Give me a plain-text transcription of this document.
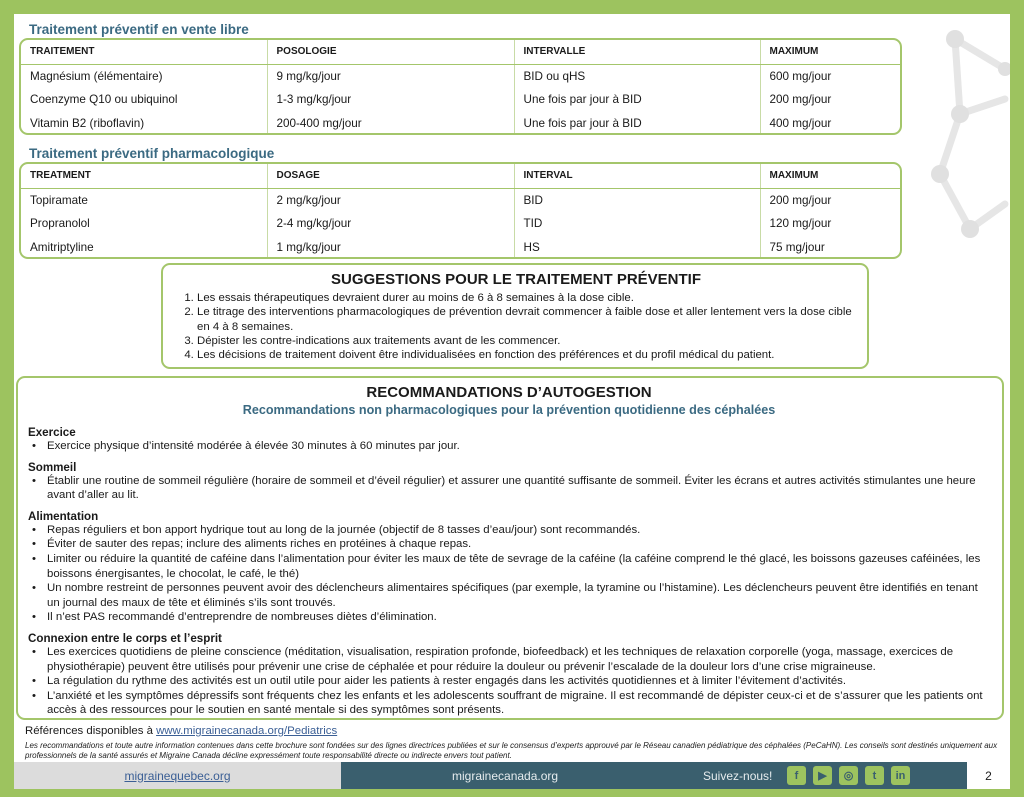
Traitement préventif en vente libre
TRAITEMENT	POSOLOGIE	INTERVALLE	MAXIMUM
Magnésium (élémentaire)	9 mg/kg/jour	BID ou qHS	600 mg/jour
Coenzyme Q10 ou ubiquinol	1-3 mg/kg/jour	Une fois par jour à BID	200 mg/jour
Vitamin B2 (riboflavin)	200-400 mg/jour	Une fois par jour à BID	400 mg/jour
Traitement préventif pharmacologique
TREATMENT	DOSAGE	INTERVAL	MAXIMUM
Topiramate	2 mg/kg/jour	BID	200 mg/jour
Propranolol	2-4 mg/kg/jour	TID	120 mg/jour
Amitriptyline	1 mg/kg/jour	HS	75 mg/jour
SUGGESTIONS POUR LE TRAITEMENT PRÉVENTIF
1. Les essais thérapeutiques devraient durer au moins de 6 à 8 semaines à la dose cible.
2. Le titrage des interventions pharmacologiques de prévention devrait commencer à faible dose et aller lentement vers la dose cible en 4 à 8 semaines.
3. Dépister les contre-indications aux traitements avant de les commencer.
4. Les décisions de traitement doivent être individualisées en fonction des préférences et du profil médical du patient.
RECOMMANDATIONS D’AUTOGESTION
Recommandations non pharmacologiques pour la prévention quotidienne des céphalées
Exercice
• Exercice physique d’intensité modérée à élevée 30 minutes à 60 minutes par jour.
Sommeil
• Établir une routine de sommeil régulière (horaire de sommeil et d’éveil régulier) et assurer une quantité suffisante de sommeil. Éviter les écrans et autres activités stimulantes une heure avant d’aller au lit.
Alimentation
• Repas réguliers et bon apport hydrique tout au long de la journée (objectif de 8 tasses d’eau/jour) sont recommandés.
• Éviter de sauter des repas; inclure des aliments riches en protéines à chaque repas.
• Limiter ou réduire la quantité de caféine dans l’alimentation pour éviter les maux de tête de sevrage de la caféine (la caféine comprend le thé glacé, les boissons gazeuses caféinées, les boissons énergisantes, le chocolat, le café, le thé)
• Un nombre restreint de personnes peuvent avoir des déclencheurs alimentaires spécifiques (par exemple, la tyramine ou l’histamine). Les déclencheurs peuvent être identifiés en tenant un journal des maux de tête et éliminés s’ils sont trouvés.
• Il n’est PAS recommandé d’entreprendre de nombreuses diètes d’élimination.
Connexion entre le corps et l’esprit
• Les exercices quotidiens de pleine conscience (méditation, visualisation, respiration profonde, biofeedback) et les techniques de relaxation corporelle (yoga, massage, exercices de physiothérapie) peuvent être utilisés pour prévenir une crise de céphalée et pour réduire la douleur ou prévenir l’escalade de la douleur lors d’une crise migraineuse.
• La régulation du rythme des activités est un outil utile pour aider les patients à rester engagés dans les activités quotidiennes et à limiter l’évitement d’activités.
• L’anxiété et les symptômes dépressifs sont fréquents chez les enfants et les adolescents souffrant de migraine. Il est recommandé de dépister ceux-ci et de s’assurer que les patients ont accès à des ressources pour le soutien en santé mentale si des symptômes sont présents.
Références disponibles à www.migrainecanada.org/Pediatrics
Les recommandations et toute autre information contenues dans cette brochure sont fondées sur des lignes directrices publiées et sur le consensus d’experts approuvé par le Réseau canadien pédiatrique des céphalées (PeCaHN). Les conseils sont destinés uniquement aux professionnels de la santé assurés et Migraine Canada décline expressément toute responsabilité directe ou indirecte envers tout patient.
migrainequebec.org	migrainecanada.org	Suivez-nous!	f	▶	◎	t	in	2
